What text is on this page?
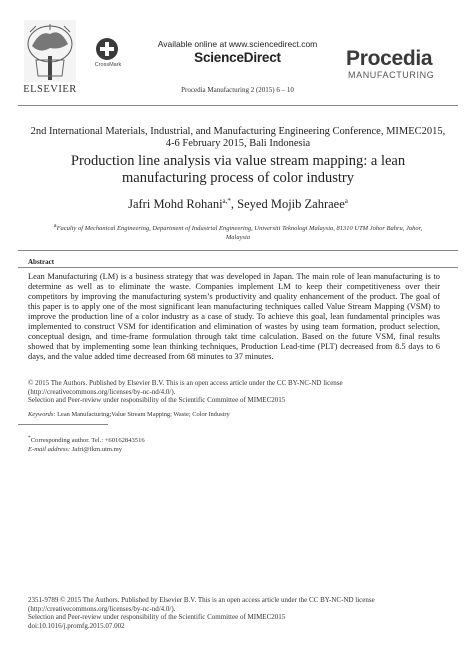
ELSEVIER
CrossMark
Available online at www.sciencedirect.com
ScienceDirect
Procedia Manufacturing 2 (2015) 6 – 10
Procedia
MANUFACTURING
2nd International Materials, Industrial, and Manufacturing Engineering Conference, MIMEC2015,
4-6 February 2015, Bali Indonesia
Production line analysis via value stream mapping: a lean
manufacturing process of color industry
Jafri Mohd Rohani$^{a,*}$, Seyed Mojib Zahraee$^a$
$^a$Faculty of Mechanical Engineering, Department of Industrial Engineering, Universiti Teknologi Malaysia, 81310 UTM Johor Bahru, Johor,
Malaysia
Abstract
Lean Manufacturing (LM) is a business strategy that was developed in Japan. The main role of lean manufacturing is to determine as well as to eliminate the waste. Companies implement LM to keep their competitiveness over their competitors by improving the manufacturing system’s productivity and quality enhancement of the product. The goal of this paper is to apply one of the most significant lean manufacturing techniques called Value Stream Mapping (VSM) to improve the production line of a color industry as a case of study. To achieve this goal, lean fundamental principles was implemented to construct VSM for identification and elimination of wastes by using team formation, product selection, conceptual design, and time-frame formulation through takt time calculation. Based on the future VSM, final results showed that by implementing some lean thinking techniques, Production Lead-time (PLT) decreased from 8.5 days to 6 days, and the value added time decreased from 68 minutes to 37 minutes.
© 2015 The Authors. Published by Elsevier B.V. This is an open access article under the CC BY-NC-ND license
(http://creativecommons.org/licenses/by-nc-nd/4.0/).
Selection and Peer-review under responsibility of the Scientific Committee of MIMEC2015
Keywords: Lean Manufacturing;Value Stream Mapping; Waste; Color Industry
*Corresponding author. Tel.: +60162843516
E-mail address: Jafri@fkm.utm.my
2351-9789 © 2015 The Authors. Published by Elsevier B.V. This is an open access article under the CC BY-NC-ND license
(http://creativecommons.org/licenses/by-nc-nd/4.0/).
Selection and Peer-review under responsibility of the Scientific Committee of MIMEC2015
doi:10.1016/j.promfg.2015.07.002
